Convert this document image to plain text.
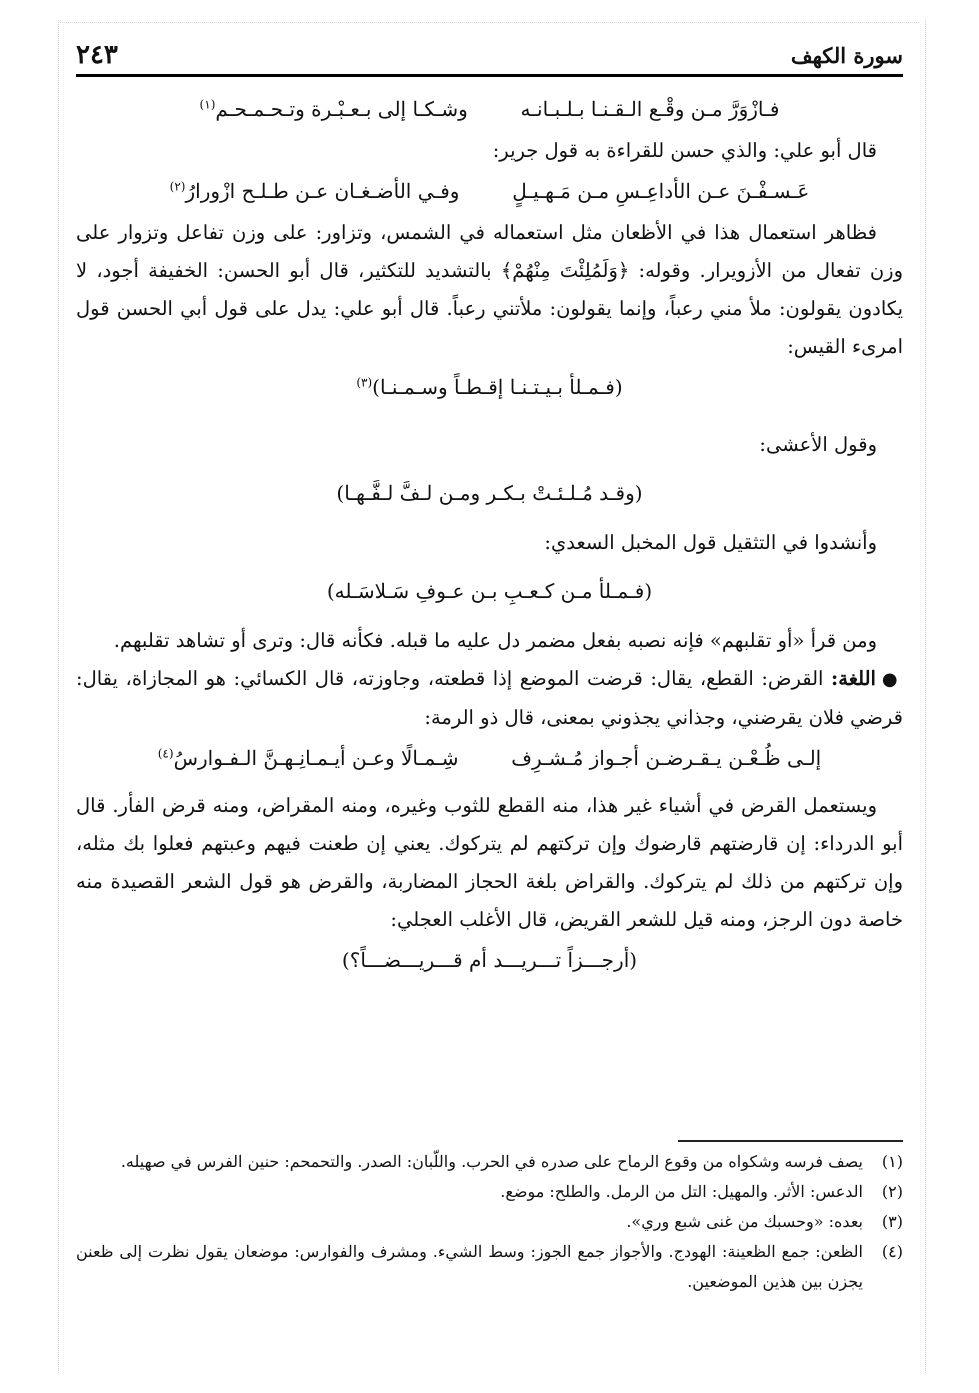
سورة الكهف
٢٤٣

فـازْوَرَّ مـن وقْـع الـقـنـا بـلـبـانـه  وشـكـا إلى بـعـبْـرة وتـحـمـحـم$^{(١)}$

قال أبو علي: والذي حسن للقراءة به قول جرير:

عَـسـفْـنَ عـن الأداعِـسِ مـن مَـهـيـلٍ  وفـي الأضـغـان عـن طـلـح ازْورارُ$^{(٢)}$

فظاهر استعمال هذا في الأظعان مثل استعماله في الشمس، وتزاور: على وزن تفاعل وتزوار على وزن تفعال من الأزويرار. وقوله: ﴿وَلَمُلِئْتَ مِنْهُمْ﴾ بالتشديد للتكثير، قال أبو الحسن: الخفيفة أجود، لا يكادون يقولون: ملأ مني رعباً، وإنما يقولون: ملأتني رعباً. قال أبو علي: يدل على قول أبي الحسن قول امرىء القيس:

(فـمـلأ بـيـتـنـا إقـطـاً وسـمـنـا)$^{(٣)}$

وقول الأعشى:

(وقـد مُـلـئـتْ بـكـر ومـن لـفَّ لـفَّـهـا)

وأنشدوا في التثقيل قول المخبل السعدي:

(فـمـلأ مـن كـعـبِ بـن عـوفِ سَـلاسَـله)

ومن قرأ «أو تقلبهم» فإنه نصبه بفعل مضمر دل عليه ما قبله. فكأنه قال: وترى أو تشاهد تقلبهم.

●اللغة: القرض: القطع، يقال: قرضت الموضع إذا قطعته، وجاوزته، قال الكسائي: هو المجازاة، يقال: قرضي فلان يقرضني، وجذاني يجذوني بمعنى، قال ذو الرمة:

إلـى ظُـعْـن يـقـرضـن أجـواز مُـشـرِف  شِـمـالًا وعـن أيـمـانِـهـنَّ الـفـوارسُ$^{(٤)}$

ويستعمل القرض في أشياء غير هذا، منه القطع للثوب وغيره، ومنه المقراض، ومنه قرض الفأر. قال أبو الدرداء: إن قارضتهم قارضوك وإن تركتهم لم يتركوك. يعني إن طعنت فيهم وعبتهم فعلوا بك مثله، وإن تركتهم من ذلك لم يتركوك. والقراض بلغة الحجاز المضاربة، والقرض هو قول الشعر القصيدة منه خاصة دون الرجز، ومنه قيل للشعر القريض، قال الأغلب العجلي:

(أرجـــزاً تـــريـــد أم قـــريـــضـــاً؟)

(١)
يصف فرسه وشكواه من وقوع الرماح على صدره في الحرب. واللّبان: الصدر. والتحمحم: حنين الفرس في صهيله.

(٢)
الدعس: الأثر. والمهيل: التل من الرمل. والطلح: موضع.

(٣)
بعده: «وحسبك من غنى شبع وري».

(٤)
الظعن: جمع الظعينة: الهودج. والأجواز جمع الجوز: وسط الشيء. ومشرف والفوارس: موضعان يقول نظرت إلى ظعنن يجزن بين هذين الموضعين.
